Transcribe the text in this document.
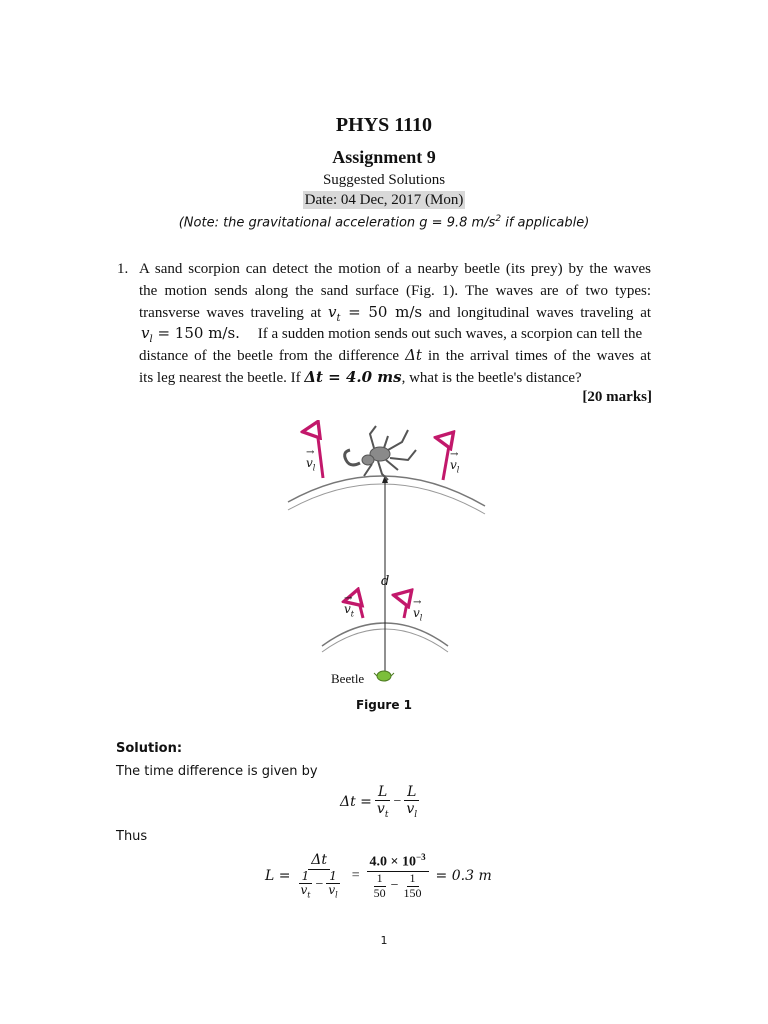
PHYS 1110
Assignment 9
Suggested Solutions
Date: 04 Dec, 2017 (Mon)
(Note: the gravitational acceleration g = 9.8 $m/s^2$ if applicable)
1. A sand scorpion can detect the motion of a nearby beetle (its prey) by the waves
the motion sends along the sand surface (Fig. 1). The waves are of two types:
transverse waves traveling at $v_t = 50$ m/s and longitudinal waves traveling at
$v_l = 150$ m/s. If a sudden motion sends out such waves, a scorpion can tell the
distance of the beetle from the difference Δt in the arrival times of the waves at
its leg nearest the beetle. If Δt = 4.0 ms, what is the beetle's distance?
[20 marks]
→
$v_l$
→
$v_l$
→
$v_t$
→
$v_l$
d
Beetle
Figure 1
Solution:
The time difference is given by
$\Delta t = \frac{L}{v_t} - \frac{L}{v_l}$
Thus
$L = \frac{\Delta t}{\frac{1}{v_t} - \frac{1}{v_l}} = \frac{4.0 \times 10^{-3}}{\frac{1}{50} - \frac{1}{150}} = 0.3$ m
1
